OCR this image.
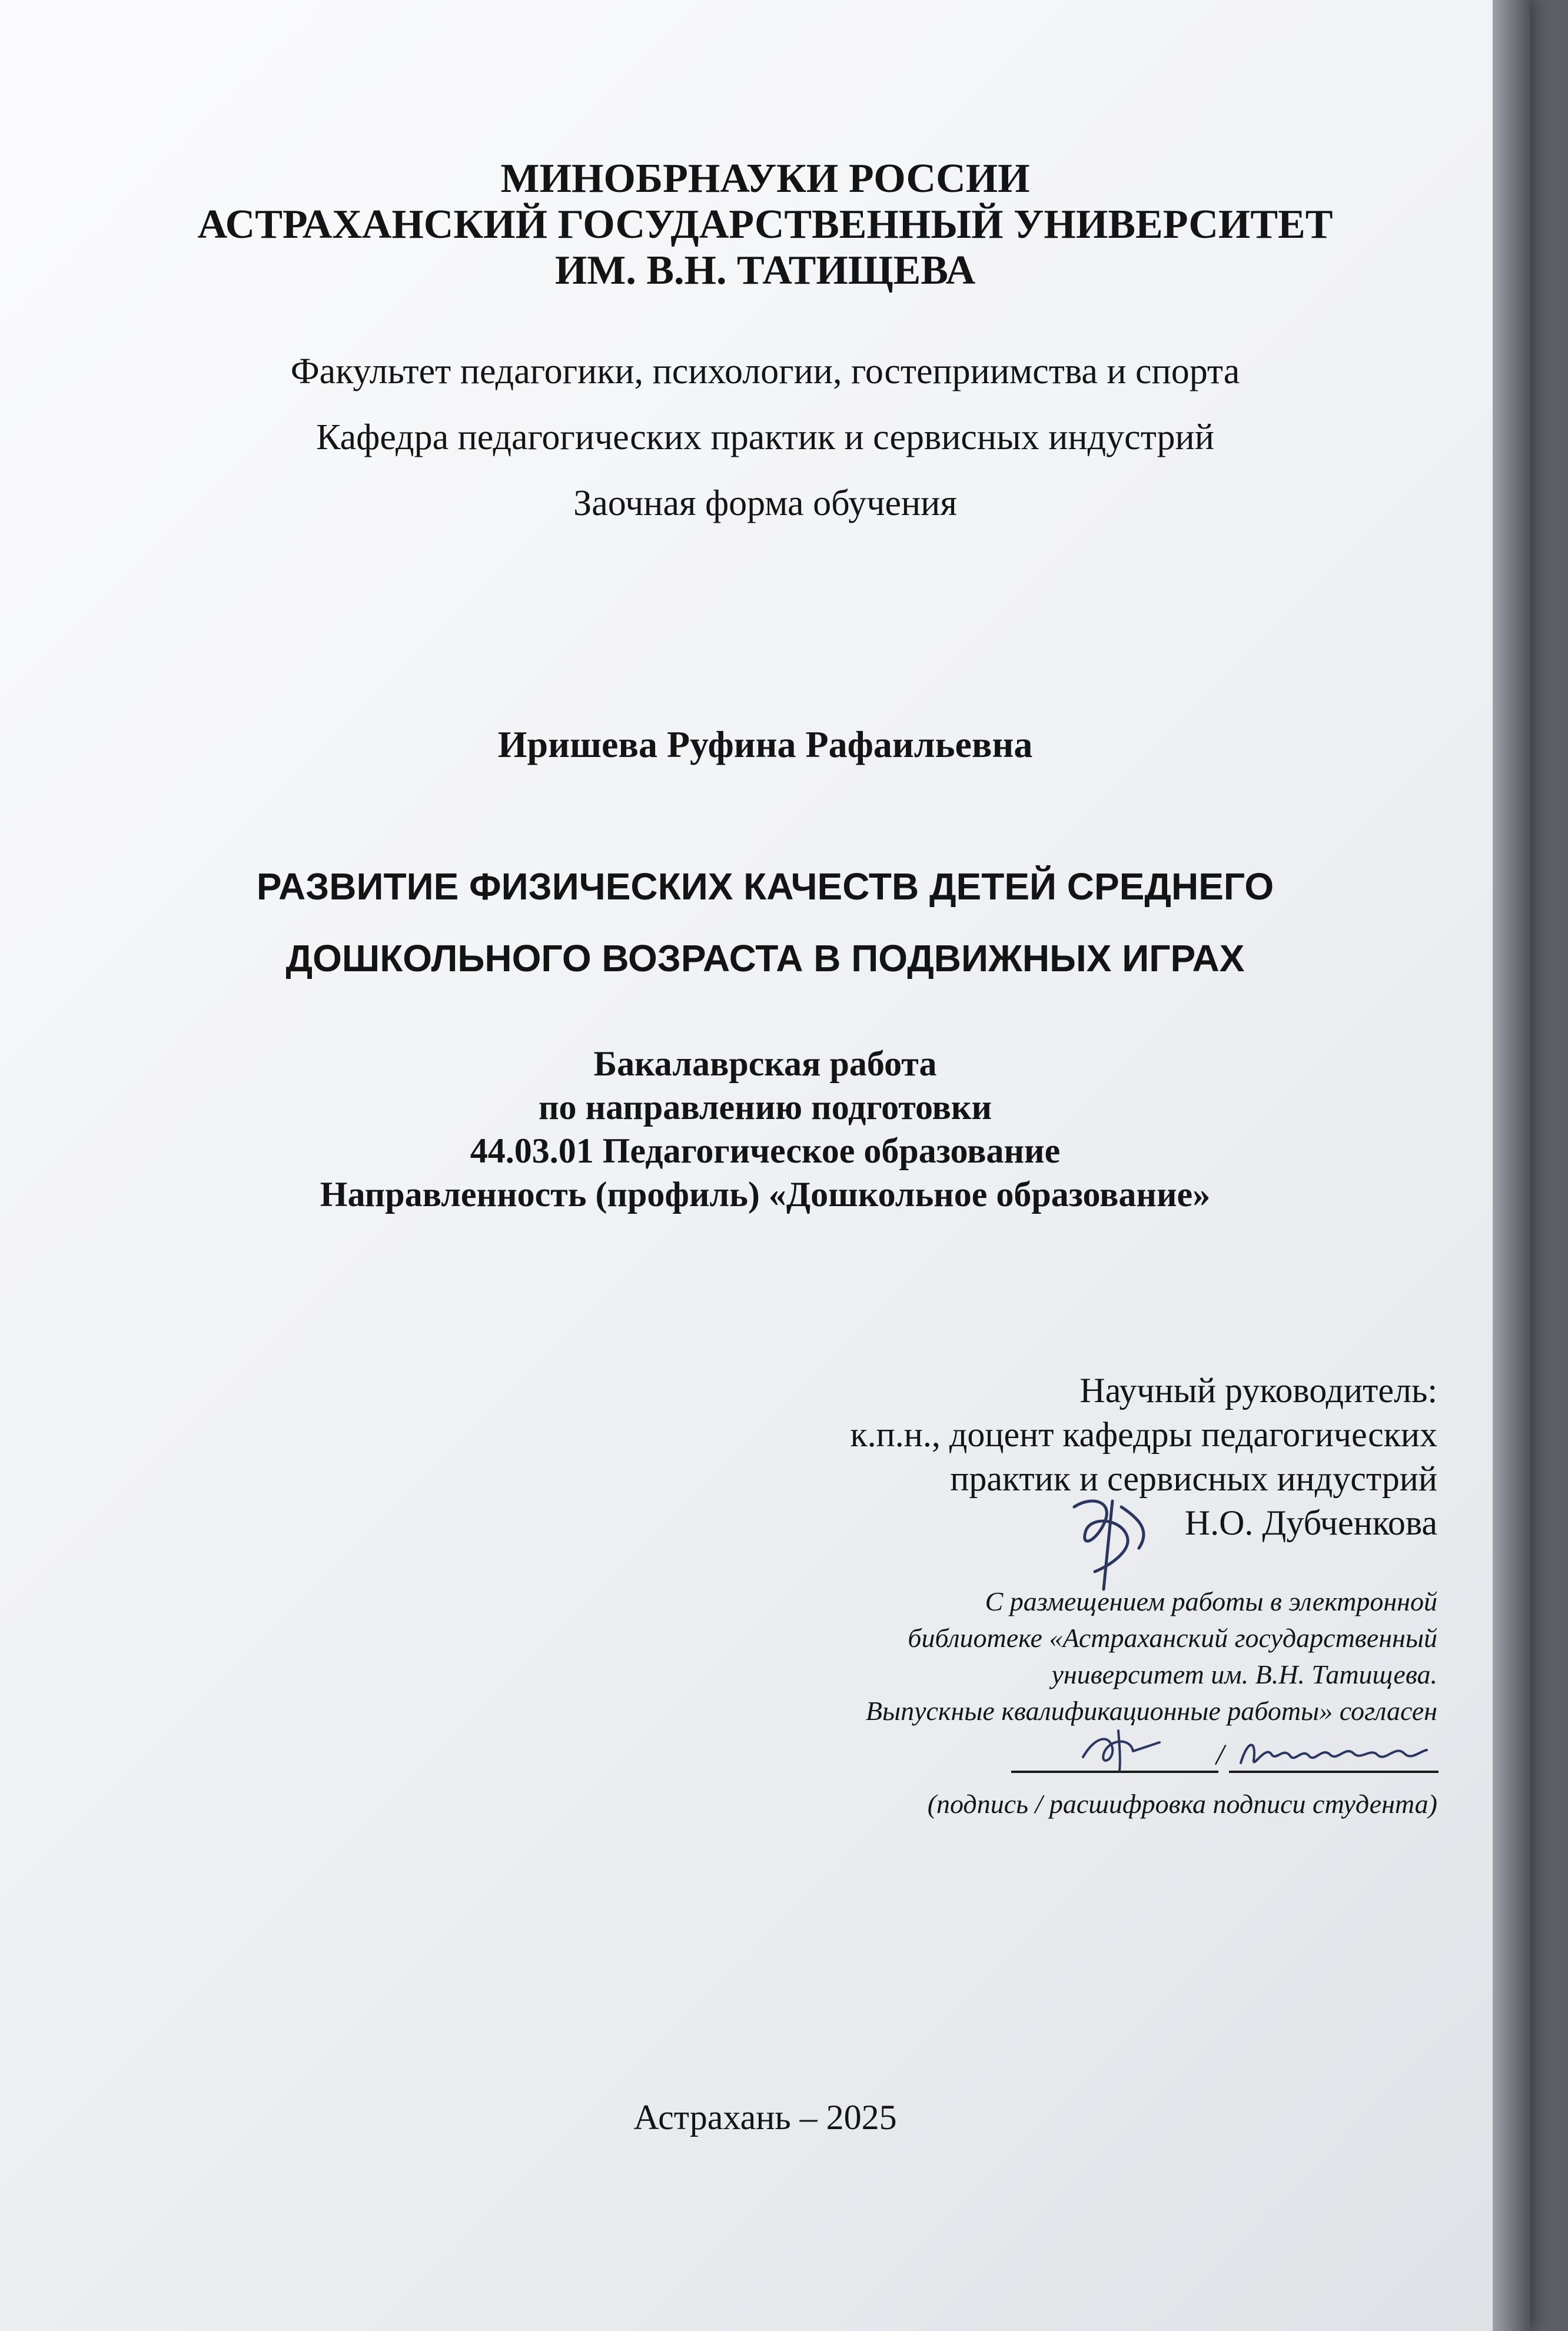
МИНОБРНАУКИ РОССИИ
АСТРАХАНСКИЙ ГОСУДАРСТВЕННЫЙ УНИВЕРСИТЕТ
ИМ. В.Н. ТАТИЩЕВА
Факультет педагогики, психологии, гостеприимства и спорта
Кафедра педагогических практик и сервисных индустрий
Заочная форма обучения
Иришева Руфина Рафаильевна
РАЗВИТИЕ ФИЗИЧЕСКИХ КАЧЕСТВ ДЕТЕЙ СРЕДНЕГО
ДОШКОЛЬНОГО ВОЗРАСТА В ПОДВИЖНЫХ ИГРАХ
Бакалаврская работа
по направлению подготовки
44.03.01 Педагогическое образование
Направленность (профиль) «Дошкольное образование»
Научный руководитель:
к.п.н., доцент кафедры педагогических
практик и сервисных индустрий
Н.О. Дубченкова
С размещением работы в электронной
библиотеке «Астраханский государственный
университет им. В.Н. Татищева.
Выпускные квалификационные работы» согласен
/
(подпись / расшифровка подписи студента)
Астрахань – 2025
